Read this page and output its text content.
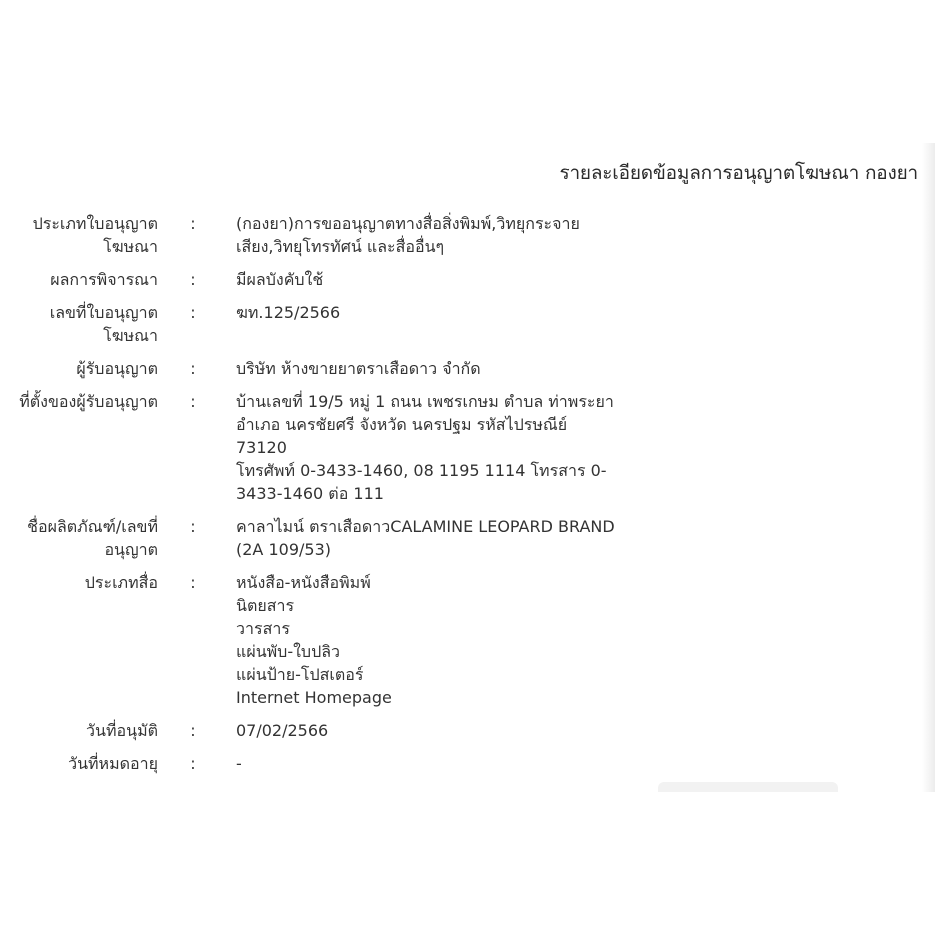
รายละเอียดข้อมูลการอนุญาตโฆษณา กองยา
ประเภทใบอนุญาต
โฆษณา
:	(กองยา)การขออนุญาตทางสื่อสิ่งพิมพ์,วิทยุกระจาย
เสียง,วิทยุโทรทัศน์ และสื่ออื่นๆ
ผลการพิจารณา	:	มีผลบังคับใช้
เลขที่ใบอนุญาต
โฆษณา
:	ฆท.125/2566
ผู้รับอนุญาต	:	บริษัท ห้างขายยาตราเสือดาว จำกัด
ที่ตั้งของผู้รับอนุญาต	:	บ้านเลขที่ 19/5 หมู่ 1 ถนน เพชรเกษม ตำบล ท่าพระยา
อำเภอ นครชัยศรี จังหวัด นครปฐม รหัสไปรษณีย์
73120
โทรศัพท์ 0-3433-1460, 08 1195 1114 โทรสาร 0-
3433-1460 ต่อ 111
ชื่อผลิตภัณฑ์/เลขที่
อนุญาต
:	คาลาไมน์ ตราเสือดาวCALAMINE LEOPARD BRAND
(2A 109/53)
ประเภทสื่อ	:	หนังสือ-หนังสือพิมพ์
นิตยสาร
วารสาร
แผ่นพับ-ใบปลิว
แผ่นป้าย-โปสเตอร์
Internet Homepage
วันที่อนุมัติ	:	07/02/2566
วันที่หมดอายุ	:	-
